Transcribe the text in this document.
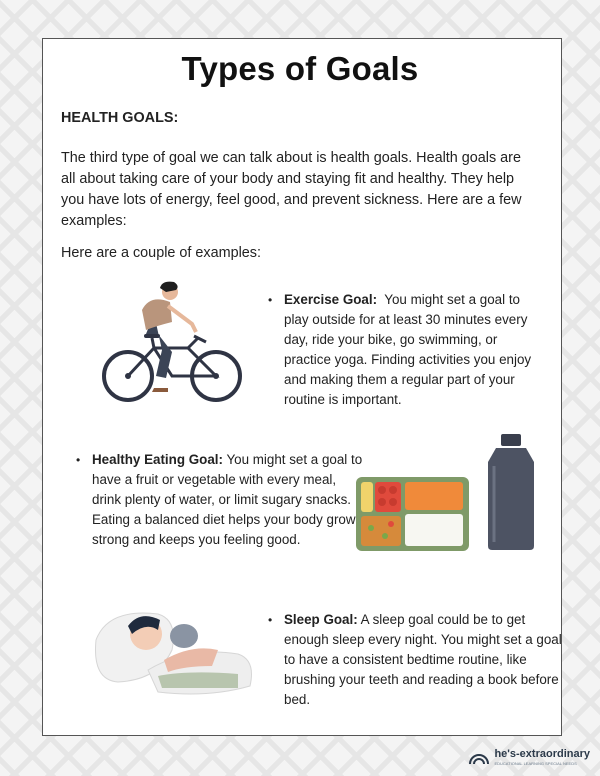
Types of Goals

HEALTH GOALS:

The third type of goal we can talk about is health goals. Health goals are all about taking care of your body and staying fit and healthy. They help you have lots of energy, feel good, and prevent sickness. Here are a few examples:

Here are a couple of examples:

• Exercise Goal: You might set a goal to play outside for at least 30 minutes every day, ride your bike, go swimming, or practice yoga. Finding activities you enjoy and making them a regular part of your routine is important.

• Healthy Eating Goal: You might set a goal to have a fruit or vegetable with every meal, drink plenty of water, or limit sugary snacks. Eating a balanced diet helps your body grow strong and keeps you feeling good.

• Sleep Goal: A sleep goal could be to get enough sleep every night. You might set a goal to have a consistent bedtime routine, like brushing your teeth and reading a book before bed.

he's-extraordinary
EDUCATIONAL LEARNING SPECIAL NEEDS
